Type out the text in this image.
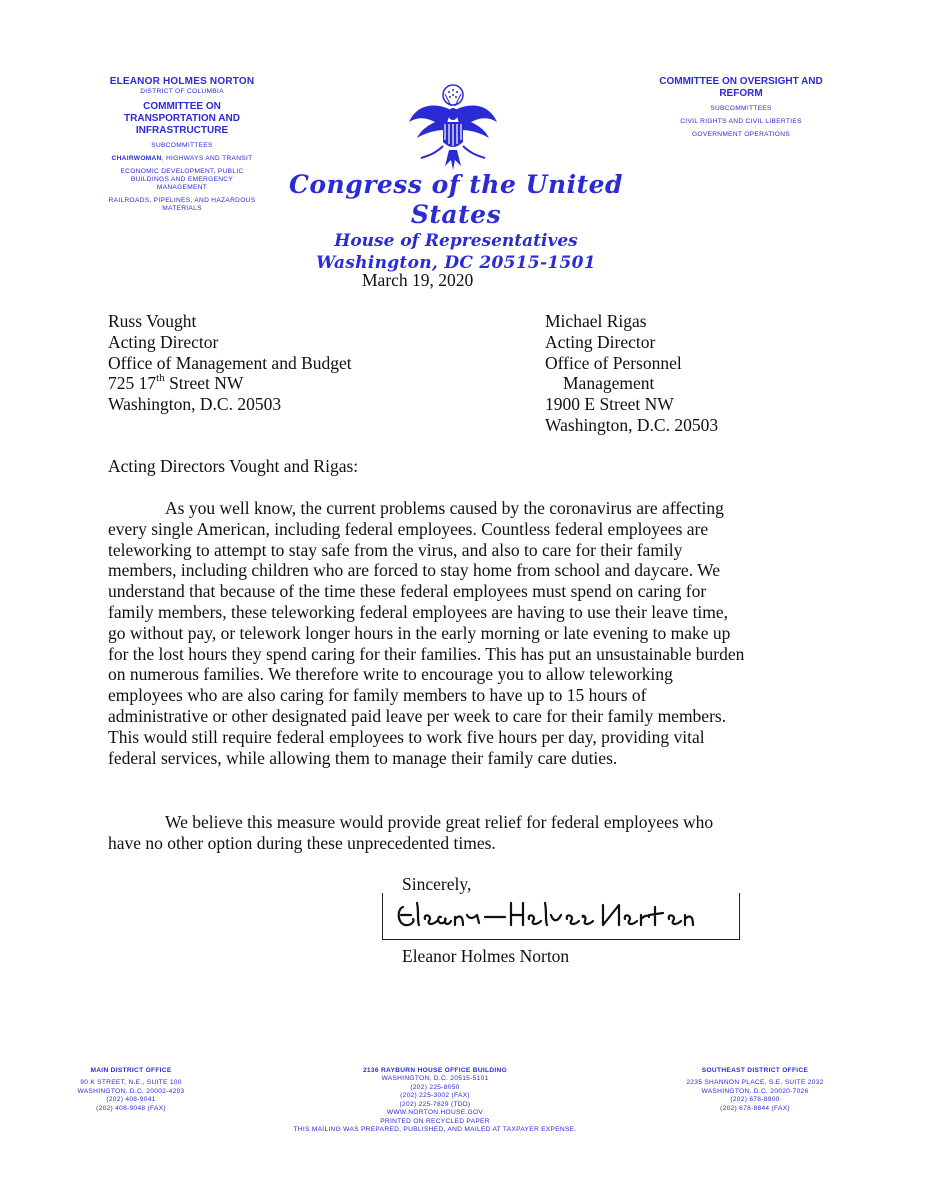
ELEANOR HOLMES NORTON
DISTRICT OF COLUMBIA
COMMITTEE ON
TRANSPORTATION AND
INFRASTRUCTURE
SUBCOMMITTEES
CHAIRWOMAN, HIGHWAYS AND TRANSIT
ECONOMIC DEVELOPMENT, PUBLIC
BUILDINGS AND EMERGENCY
MANAGEMENT
RAILROADS, PIPELINES, AND HAZARDOUS
MATERIALS
COMMITTEE ON OVERSIGHT AND
REFORM
SUBCOMMITTEES
CIVIL RIGHTS AND CIVIL LIBERTIES
GOVERNMENT OPERATIONS
Congress of the United States
House of Representatives
Washington, DC 20515-1501
March 19, 2020
Russ Vought
Acting Director
Office of Management and Budget
725 17th Street NW
Washington, D.C. 20503
Michael Rigas
Acting Director
Office of Personnel
Management
1900 E Street NW
Washington, D.C. 20503
Acting Directors Vought and Rigas:

As you well know, the current problems caused by the coronavirus are affecting every single American, including federal employees. Countless federal employees are teleworking to attempt to stay safe from the virus, and also to care for their family members, including children who are forced to stay home from school and daycare. We understand that because of the time these federal employees must spend on caring for family members, these teleworking federal employees are having to use their leave time, go without pay, or telework longer hours in the early morning or late evening to make up for the lost hours they spend caring for their families. This has put an unsustainable burden on numerous families. We therefore write to encourage you to allow teleworking employees who are also caring for family members to have up to 15 hours of administrative or other designated paid leave per week to care for their family members. This would still require federal employees to work five hours per day, providing vital federal services, while allowing them to manage their family care duties.

We believe this measure would provide great relief for federal employees who have no other option during these unprecedented times.

Sincerely,
Eleanor Holmes Norton
MAIN DISTRICT OFFICE
90 K STREET, N.E., SUITE 100
WASHINGTON, D.C. 20002-4203
(202) 408-9041
(202) 408-9048 (FAX)
2136 RAYBURN HOUSE OFFICE BUILDING
WASHINGTON, D.C. 20515-5101
(202) 225-8050
(202) 225-3002 (FAX)
(202) 225-7829 (TDD)
WWW.NORTON.HOUSE.GOV
PRINTED ON RECYCLED PAPER
THIS MAILING WAS PREPARED, PUBLISHED, AND MAILED AT TAXPAYER EXPENSE.
SOUTHEAST DISTRICT OFFICE
2235 SHANNON PLACE, S.E. SUITE 2032
WASHINGTON, D.C. 20020-7026
(202) 678-8900
(202) 678-8844 (FAX)
